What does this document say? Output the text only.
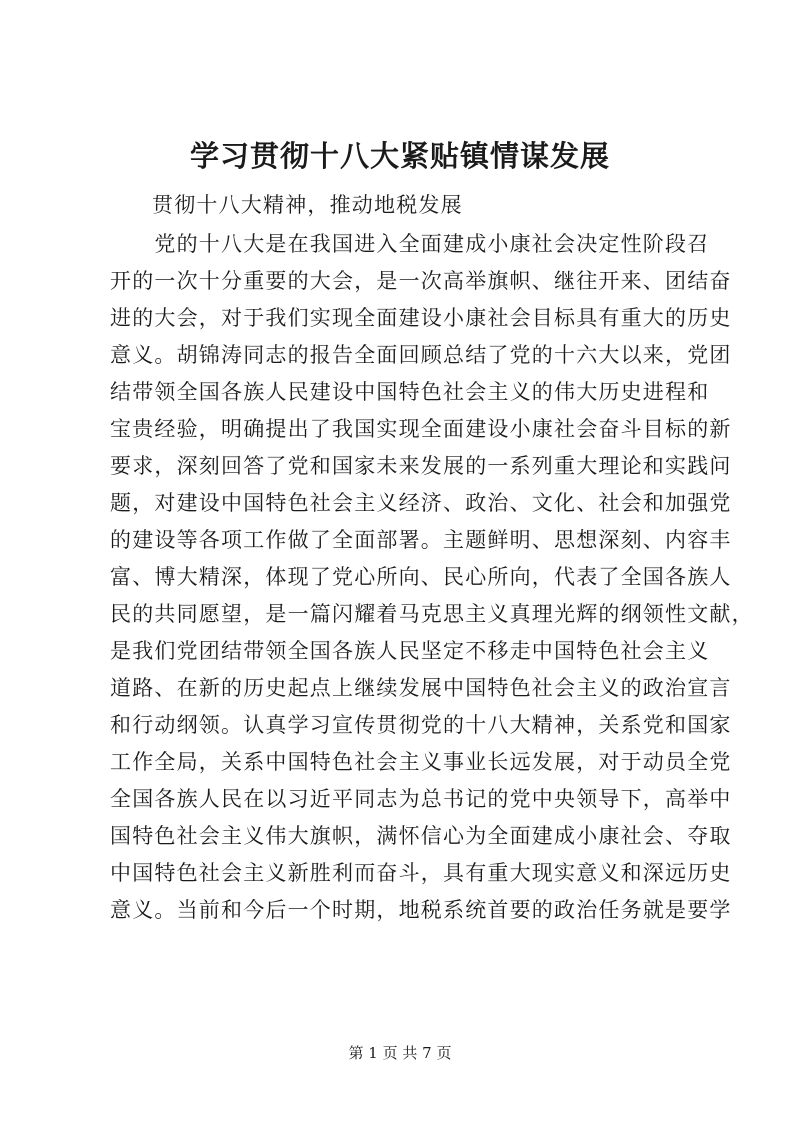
学习贯彻十八大紧贴镇情谋发展
贯彻十八大精神，推动地税发展
　　党的十八大是在我国进入全面建成小康社会决定性阶段召
开的一次十分重要的大会，是一次高举旗帜、继往开来、团结奋
进的大会，对于我们实现全面建设小康社会目标具有重大的历史
意义。胡锦涛同志的报告全面回顾总结了党的十六大以来，党团
结带领全国各族人民建设中国特色社会主义的伟大历史进程和
宝贵经验，明确提出了我国实现全面建设小康社会奋斗目标的新
要求，深刻回答了党和国家未来发展的一系列重大理论和实践问
题，对建设中国特色社会主义经济、政治、文化、社会和加强党
的建设等各项工作做了全面部署。主题鲜明、思想深刻、内容丰
富、博大精深，体现了党心所向、民心所向，代表了全国各族人
民的共同愿望，是一篇闪耀着马克思主义真理光辉的纲领性文献，
是我们党团结带领全国各族人民坚定不移走中国特色社会主义
道路、在新的历史起点上继续发展中国特色社会主义的政治宣言
和行动纲领。认真学习宣传贯彻党的十八大精神，关系党和国家
工作全局，关系中国特色社会主义事业长远发展，对于动员全党
全国各族人民在以习近平同志为总书记的党中央领导下，高举中
国特色社会主义伟大旗帜，满怀信心为全面建成小康社会、夺取
中国特色社会主义新胜利而奋斗，具有重大现实意义和深远历史
意义。当前和今后一个时期，地税系统首要的政治任务就是要学
第 1 页 共 7 页
